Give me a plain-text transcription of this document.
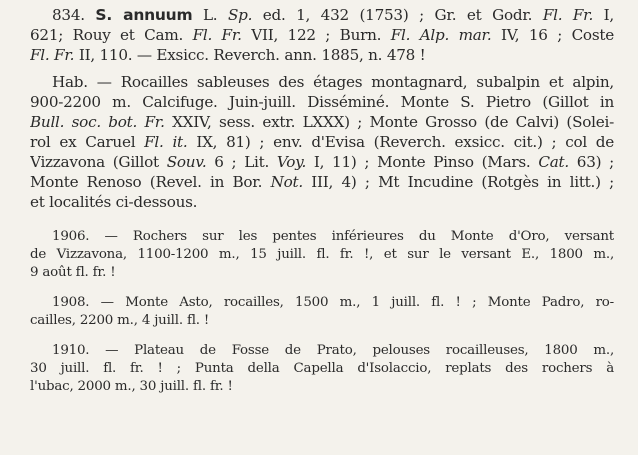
834. S. annuum L. Sp. ed. 1, 432 (1753) ; Gr. et Godr. Fl. Fr. I,

621; Rouy et Cam. Fl. Fr. VII, 122 ; Burn. Fl. Alp. mar. IV, 16 ; Coste

Fl. Fr. II, 110. — Exsicc. Reverch. ann. 1885, n. 478 !

Hab. — Rocailles sableuses des étages montagnard, subalpin et alpin,

900-2200 m. Calcifuge. Juin-juill. Disséminé. Monte S. Pietro (Gillot in

Bull. soc. bot. Fr. XXIV, sess. extr. LXXX) ; Monte Grosso (de Calvi) (Solei-

rol ex Caruel Fl. it. IX, 81) ; env. d'Evisa (Reverch. exsicc. cit.) ; col de

Vizzavona (Gillot Souv. 6 ; Lit. Voy. I, 11) ; Monte Pinso (Mars. Cat. 63) ;

Monte Renoso (Revel. in Bor. Not. III, 4) ; Mt Incudine (Rotgès in litt.) ;

et localités ci-dessous.

1906. — Rochers sur les pentes inférieures du Monte d'Oro, versant

de Vizzavona, 1100-1200 m., 15 juill. fl. fr. !, et sur le versant E., 1800 m.,

9 août fl. fr. !

1908. — Monte Asto, rocailles, 1500 m., 1 juill. fl. ! ; Monte Padro, ro-

cailles, 2200 m., 4 juill. fl. !

1910. — Plateau de Fosse de Prato, pelouses rocailleuses, 1800 m.,

30 juill. fl. fr. ! ; Punta della Capella d'Isolaccio, replats des rochers à

l'ubac, 2000 m., 30 juill. fl. fr. !
